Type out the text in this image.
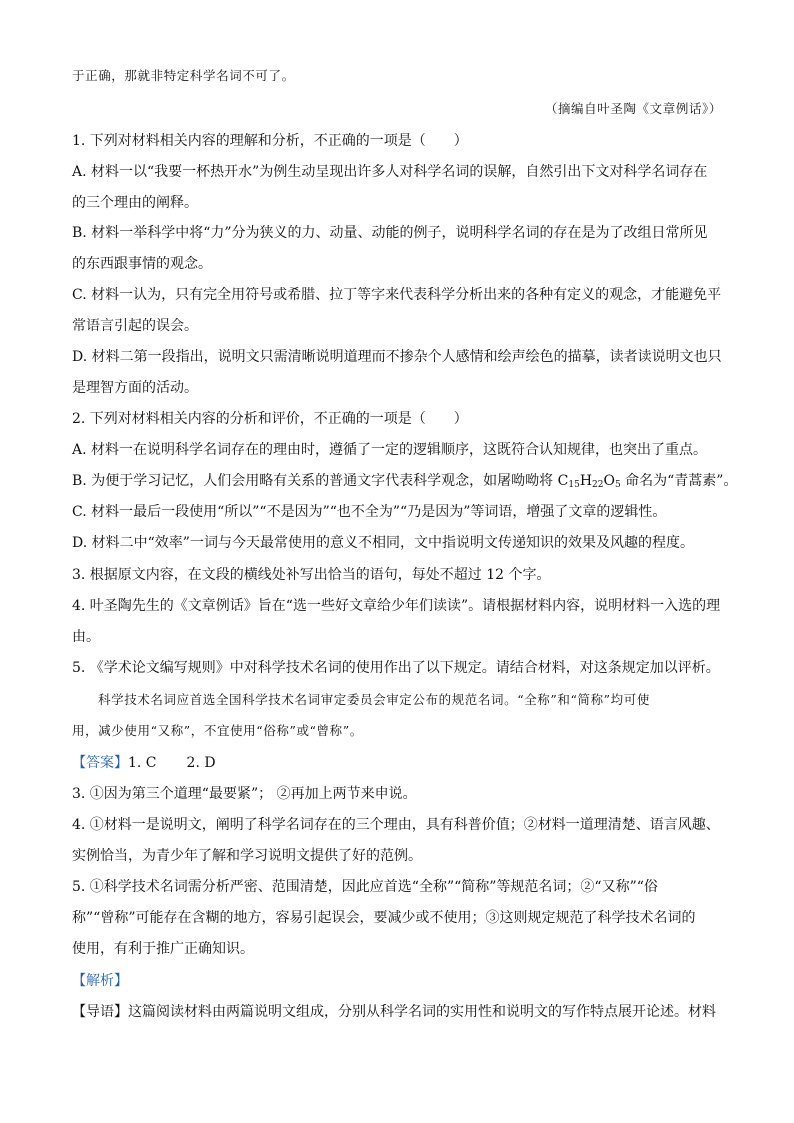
于正确，那就非特定科学名词不可了。
（摘编自叶圣陶《文章例话》）
1. 下列对材料相关内容的理解和分析，不正确的一项是（　　）
A. 材料一以“我要一杯热开水”为例生动呈现出许多人对科学名词的误解，自然引出下文对科学名词存在
的三个理由的阐释。
B. 材料一举科学中将“力”分为狭义的力、动量、动能的例子，说明科学名词的存在是为了改组日常所见
的东西跟事情的观念。
C. 材料一认为，只有完全用符号或希腊、拉丁等字来代表科学分析出来的各种有定义的观念，才能避免平
常语言引起的误会。
D. 材料二第一段指出，说明文只需清晰说明道理而不掺杂个人感情和绘声绘色的描摹，读者读说明文也只
是理智方面的活动。
2. 下列对材料相关内容的分析和评价，不正确的一项是（　　）
A. 材料一在说明科学名词存在的理由时，遵循了一定的逻辑顺序，这既符合认知规律，也突出了重点。
B. 为便于学习记忆，人们会用略有关系的普通文字代表科学观念，如屠呦呦将 $C_{15}H_{22}O_5$ 命名为“青蒿素”。
C. 材料一最后一段使用“所以”“不是因为”“也不全为”“乃是因为”等词语，增强了文章的逻辑性。
D. 材料二中“效率”一词与今天最常使用的意义不相同，文中指说明文传递知识的效果及风趣的程度。
3. 根据原文内容，在文段的横线处补写出恰当的语句，每处不超过 12 个字。
4. 叶圣陶先生的《文章例话》旨在“选一些好文章给少年们读读”。请根据材料内容，说明材料一入选的理
由。
5. 《学术论文编写规则》中对科学技术名词的使用作出了以下规定。请结合材料，对这条规定加以评析。
科学技术名词应首选全国科学技术名词审定委员会审定公布的规范名词。“全称”和“简称”均可使
用，减少使用“又称”，不宜使用“俗称”或“曾称”。
【答案】1. C 2. D
3. ①因为第三个道理“最要紧”； ②再加上两节来申说。
4. ①材料一是说明文，阐明了科学名词存在的三个理由，具有科普价值；②材料一道理清楚、语言风趣、
实例恰当，为青少年了解和学习说明文提供了好的范例。
5. ①科学技术名词需分析严密、范围清楚，因此应首选“全称”“简称”等规范名词；②“又称”“俗
称”“曾称”可能存在含糊的地方，容易引起误会，要减少或不使用；③这则规定规范了科学技术名词的
使用，有利于推广正确知识。
【解析】
【导语】这篇阅读材料由两篇说明文组成，分别从科学名词的实用性和说明文的写作特点展开论述。材料
